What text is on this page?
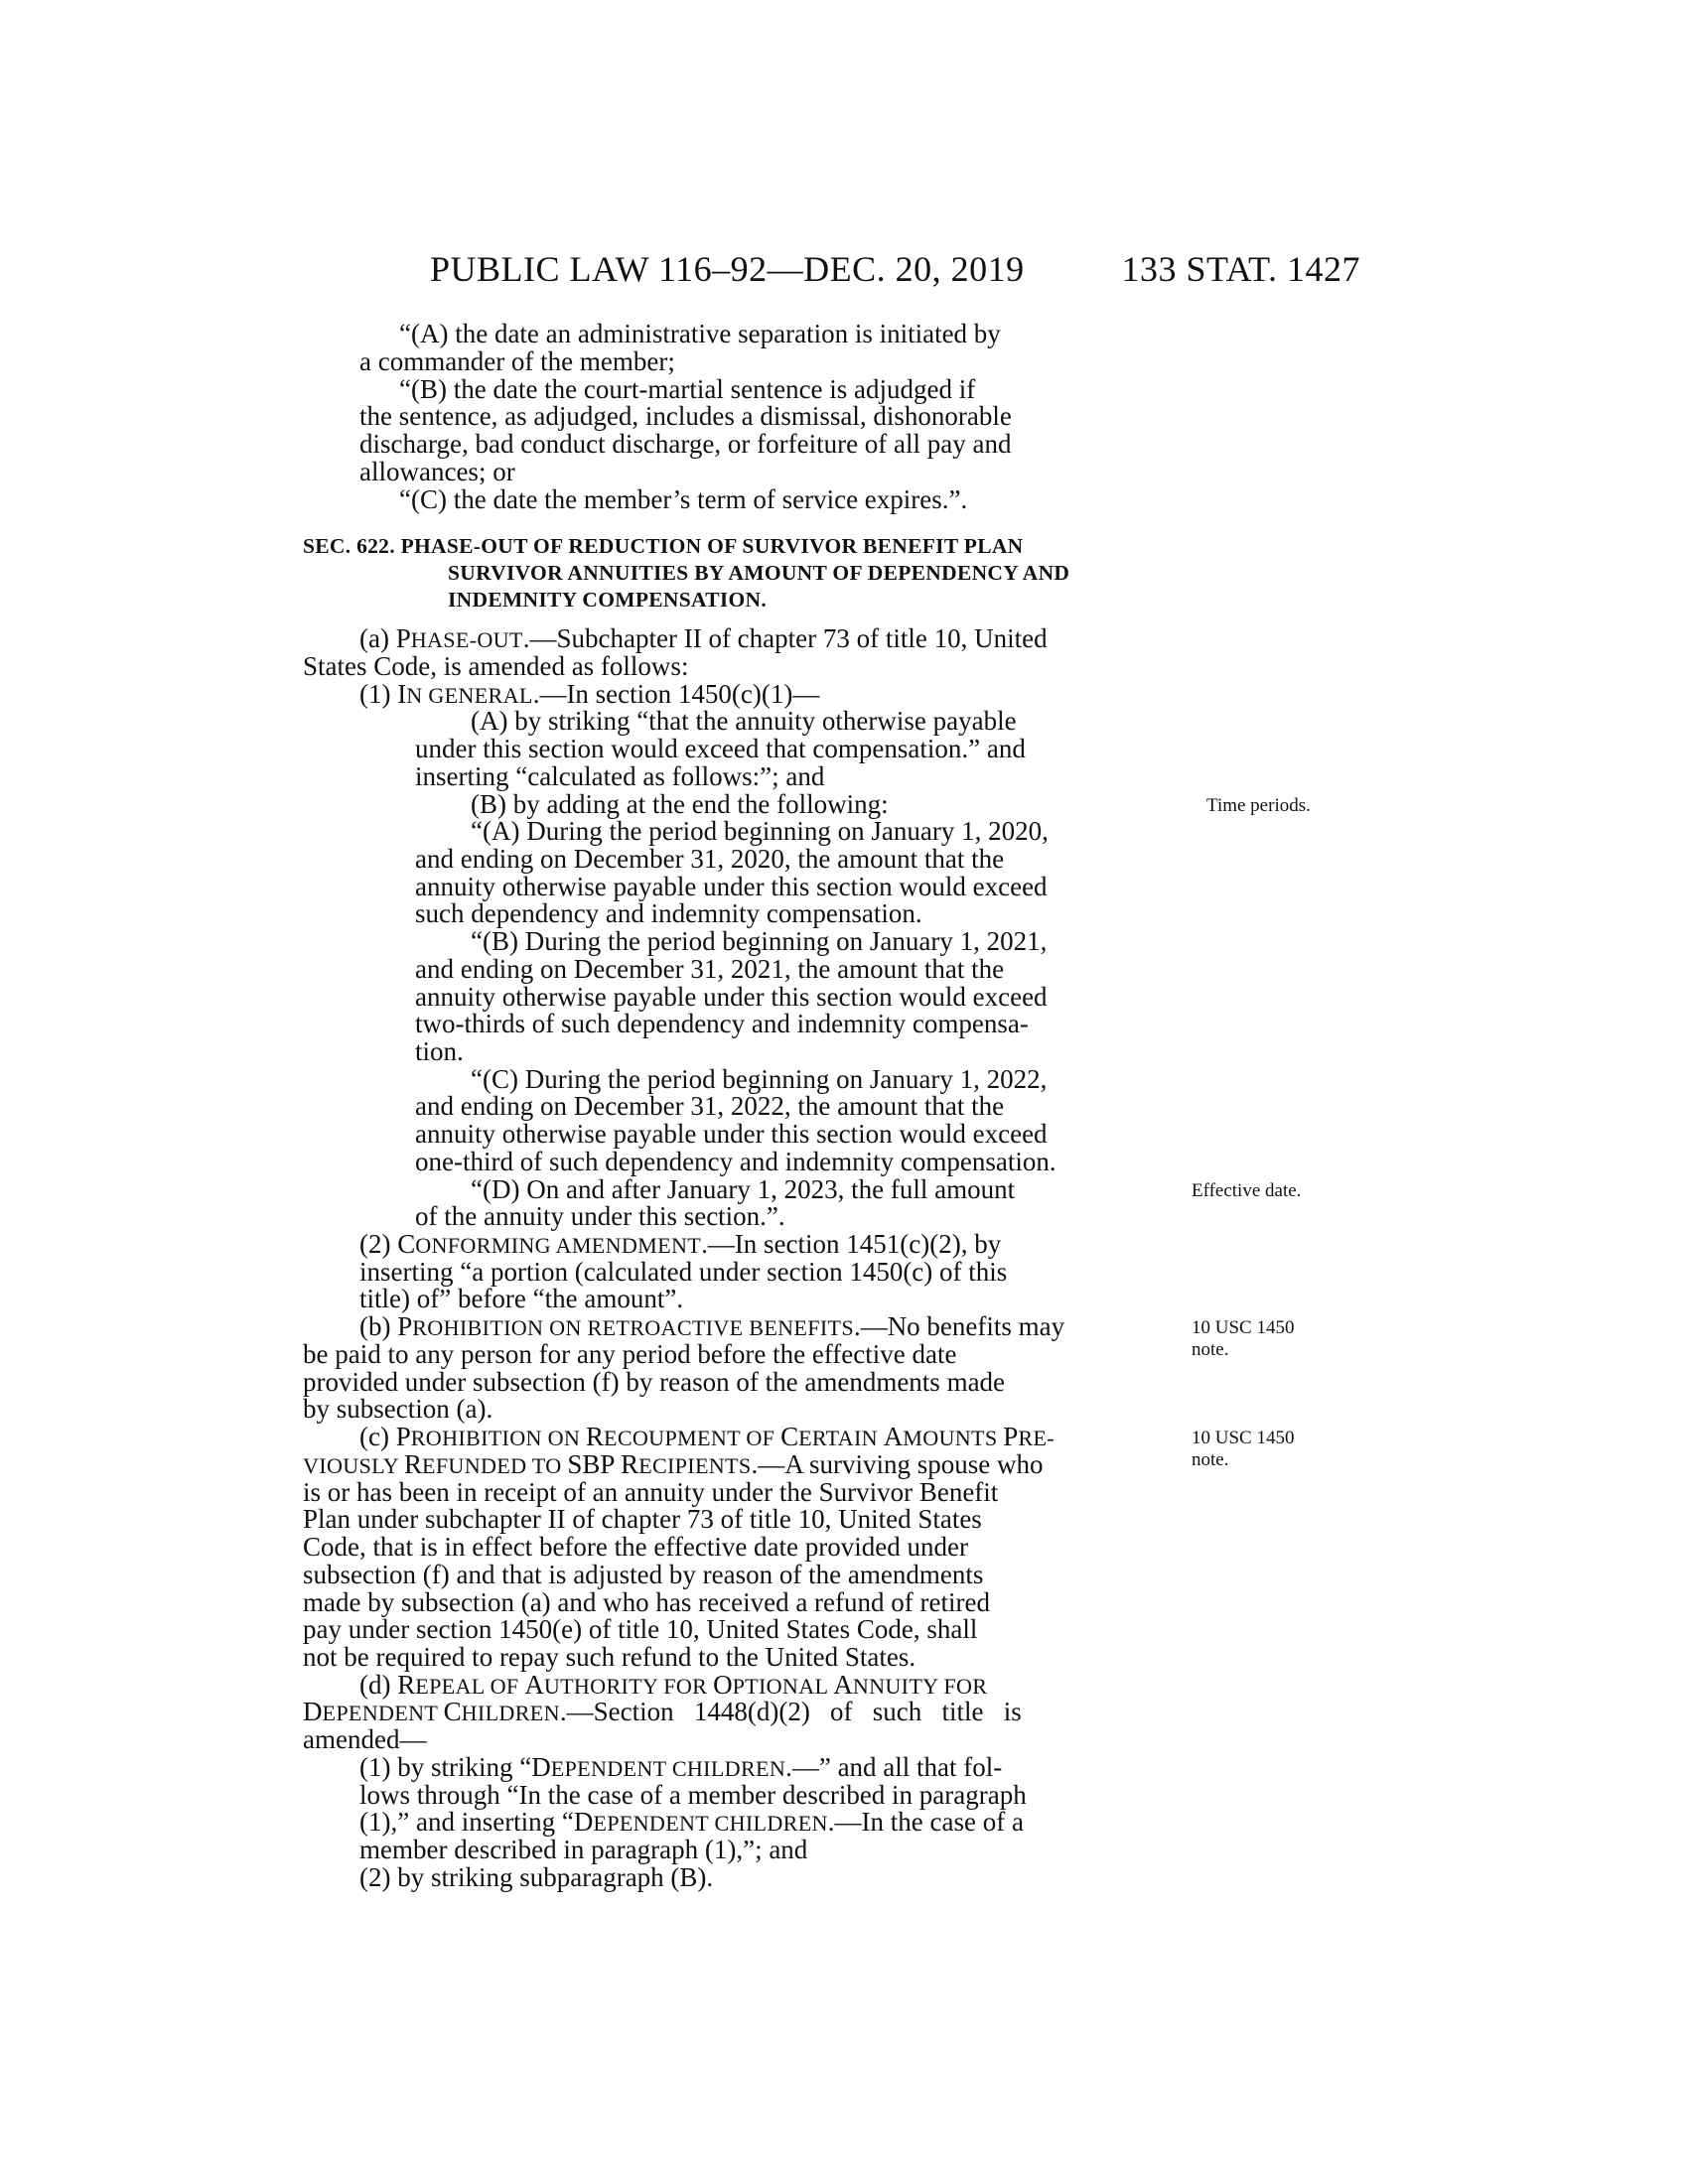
PUBLIC LAW 116–92—DEC. 20, 2019	133 STAT. 1427
“(A) the date an administrative separation is initiated by
a commander of the member;
“(B) the date the court-martial sentence is adjudged if
the sentence, as adjudged, includes a dismissal, dishonorable
discharge, bad conduct discharge, or forfeiture of all pay and
allowances; or
“(C) the date the member’s term of service expires.”.
SEC. 622. PHASE-OUT OF REDUCTION OF SURVIVOR BENEFIT PLAN
SURVIVOR ANNUITIES BY AMOUNT OF DEPENDENCY AND
INDEMNITY COMPENSATION.
(a) PHASE-OUT.—Subchapter II of chapter 73 of title 10, United
States Code, is amended as follows:
(1) IN GENERAL.—In section 1450(c)(1)—
(A) by striking “that the annuity otherwise payable
under this section would exceed that compensation.” and
inserting “calculated as follows:”; and
(B) by adding at the end the following:
“(A) During the period beginning on January 1, 2020,
and ending on December 31, 2020, the amount that the
annuity otherwise payable under this section would exceed
such dependency and indemnity compensation.
“(B) During the period beginning on January 1, 2021,
and ending on December 31, 2021, the amount that the
annuity otherwise payable under this section would exceed
two-thirds of such dependency and indemnity compensa-
tion.
“(C) During the period beginning on January 1, 2022,
and ending on December 31, 2022, the amount that the
annuity otherwise payable under this section would exceed
one-third of such dependency and indemnity compensation.
“(D) On and after January 1, 2023, the full amount
of the annuity under this section.”.
(2) CONFORMING AMENDMENT.—In section 1451(c)(2), by
inserting “a portion (calculated under section 1450(c) of this
title) of” before “the amount”.
(b) PROHIBITION ON RETROACTIVE BENEFITS.—No benefits may
be paid to any person for any period before the effective date
provided under subsection (f) by reason of the amendments made
by subsection (a).
(c) PROHIBITION ON RECOUPMENT OF CERTAIN AMOUNTS PRE-
VIOUSLY REFUNDED TO SBP RECIPIENTS.—A surviving spouse who
is or has been in receipt of an annuity under the Survivor Benefit
Plan under subchapter II of chapter 73 of title 10, United States
Code, that is in effect before the effective date provided under
subsection (f) and that is adjusted by reason of the amendments
made by subsection (a) and who has received a refund of retired
pay under section 1450(e) of title 10, United States Code, shall
not be required to repay such refund to the United States.
(d) REPEAL OF AUTHORITY FOR OPTIONAL ANNUITY FOR
DEPENDENT CHILDREN.—Section   1448(d)(2)   of   such   title   is
amended—
(1) by striking “DEPENDENT CHILDREN.—” and all that fol-
lows through “In the case of a member described in paragraph
(1),” and inserting “DEPENDENT CHILDREN.—In the case of a
member described in paragraph (1),”; and
(2) by striking subparagraph (B).
Time periods.
Effective date.
10 USC 1450
note.
10 USC 1450
note.
